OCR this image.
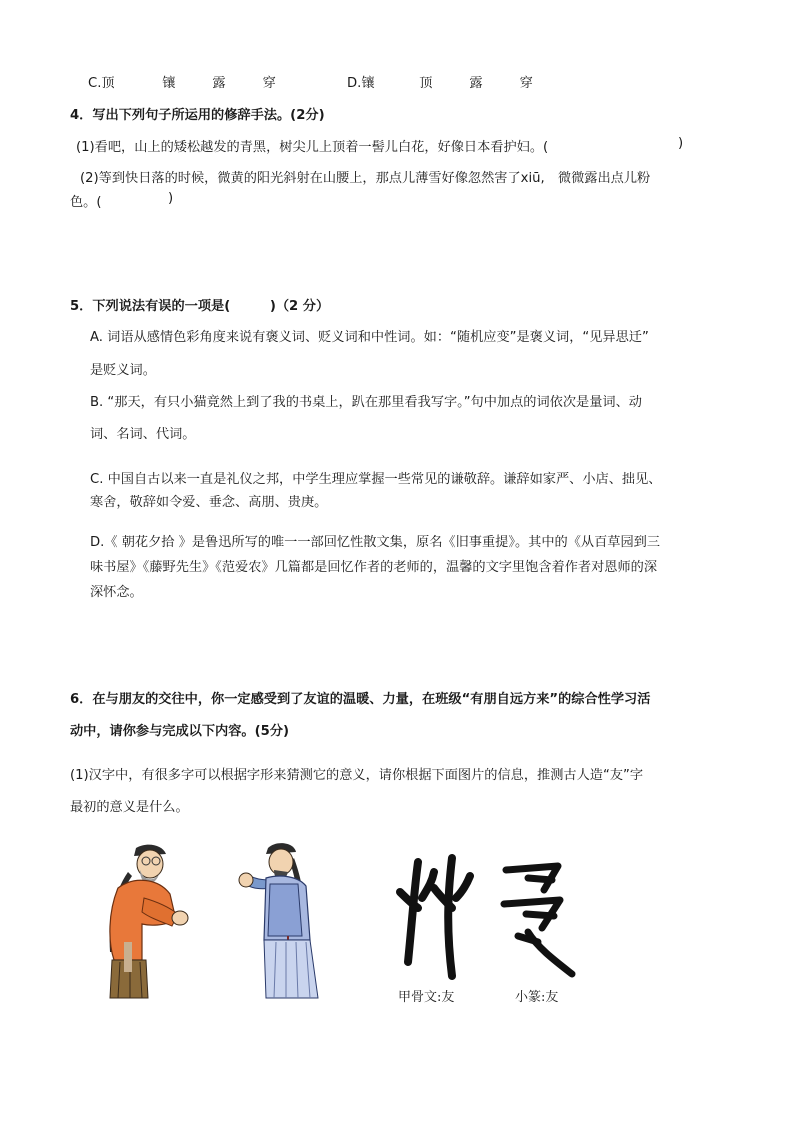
C.顶	镶	露	穿	D.镶	顶	露	穿
4．写出下列句子所运用的修辞手法。(2分)
(1)看吧，山上的矮松越发的青黑，树尖儿上顶着一髻儿白花，好像日本看护妇。(	)
(2)等到快日落的时候，微黄的阳光斜射在山腰上，那点儿薄雪好像忽然害了xiū,　微微露出点儿粉
色。(	)
5．下列说法有误的一项是(　　　)（2 分）
A. 词语从感情色彩角度来说有褒义词、贬义词和中性词。如：“随机应变”是褒义词，“见异思迁”
是贬义词。
B. “那天，有只小猫竟然上到了我的书桌上，趴在那里看我写字。”句中加点的词依次是量词、动
词、名词、代词。
C. 中国自古以来一直是礼仪之邦，中学生理应掌握一些常见的谦敬辞。谦辞如家严、小店、拙见、
寒舍，敬辞如令爱、垂念、高朋、贵庚。
D.《 朝花夕拾 》是鲁迅所写的唯一一部回忆性散文集，原名《旧事重提》。其中的《从百草园到三
味书屋》《藤野先生》《范爱农》几篇都是回忆作者的老师的，温馨的文字里饱含着作者对恩师的深
深怀念。
6．在与朋友的交往中，你一定感受到了友谊的温暖、力量，在班级“有朋自远方来”的综合性学习活
动中，请你参与完成以下内容。(5分)
(1)汉字中，有很多字可以根据字形来猜测它的意义，请你根据下面图片的信息，推测古人造“友”字
最初的意义是什么。
甲骨文:友	小篆:友
